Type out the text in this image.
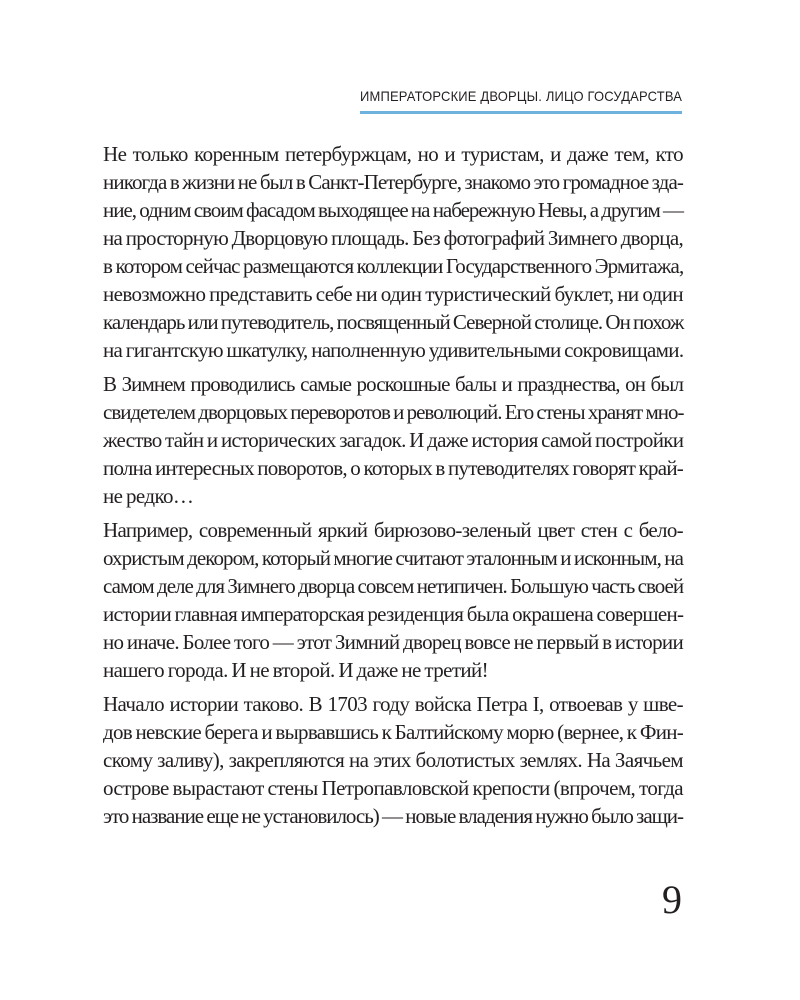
ИМПЕРАТОРСКИЕ ДВОРЦЫ. ЛИЦО ГОСУДАРСТВА

Не только коренным петербуржцам, но и туристам, и даже тем, кто
никогда в жизни не был в Санкт-Петербурге, знакомо это громадное зда-
ние, одним своим фасадом выходящее на набережную Невы, а другим —
на просторную Дворцовую площадь. Без фотографий Зимнего дворца,
в котором сейчас размещаются коллекции Государственного Эрмитажа,
невозможно представить себе ни один туристический буклет, ни один
календарь или путеводитель, посвященный Северной столице. Он похож
на гигантскую шкатулку, наполненную удивительными сокровищами.

В Зимнем проводились самые роскошные балы и празднества, он был
свидетелем дворцовых переворотов и революций. Его стены хранят мно-
жество тайн и исторических загадок. И даже история самой постройки
полна интересных поворотов, о которых в путеводителях говорят край-
не редко…

Например, современный яркий бирюзово-зеленый цвет стен с бело-
охристым декором, который многие считают эталонным и исконным, на
самом деле для Зимнего дворца совсем нетипичен. Большую часть своей
истории главная императорская резиденция была окрашена совершен-
но иначе. Более того — этот Зимний дворец вовсе не первый в истории
нашего города. И не второй. И даже не третий!

Начало истории таково. В 1703 году войска Петра I, отвоевав у шве-
дов невские берега и вырвавшись к Балтийскому морю (вернее, к Фин-
скому заливу), закрепляются на этих болотистых землях. На Заячьем
острове вырастают стены Петропавловской крепости (впрочем, тогда
это название еще не установилось) — новые владения нужно было защи-

9
